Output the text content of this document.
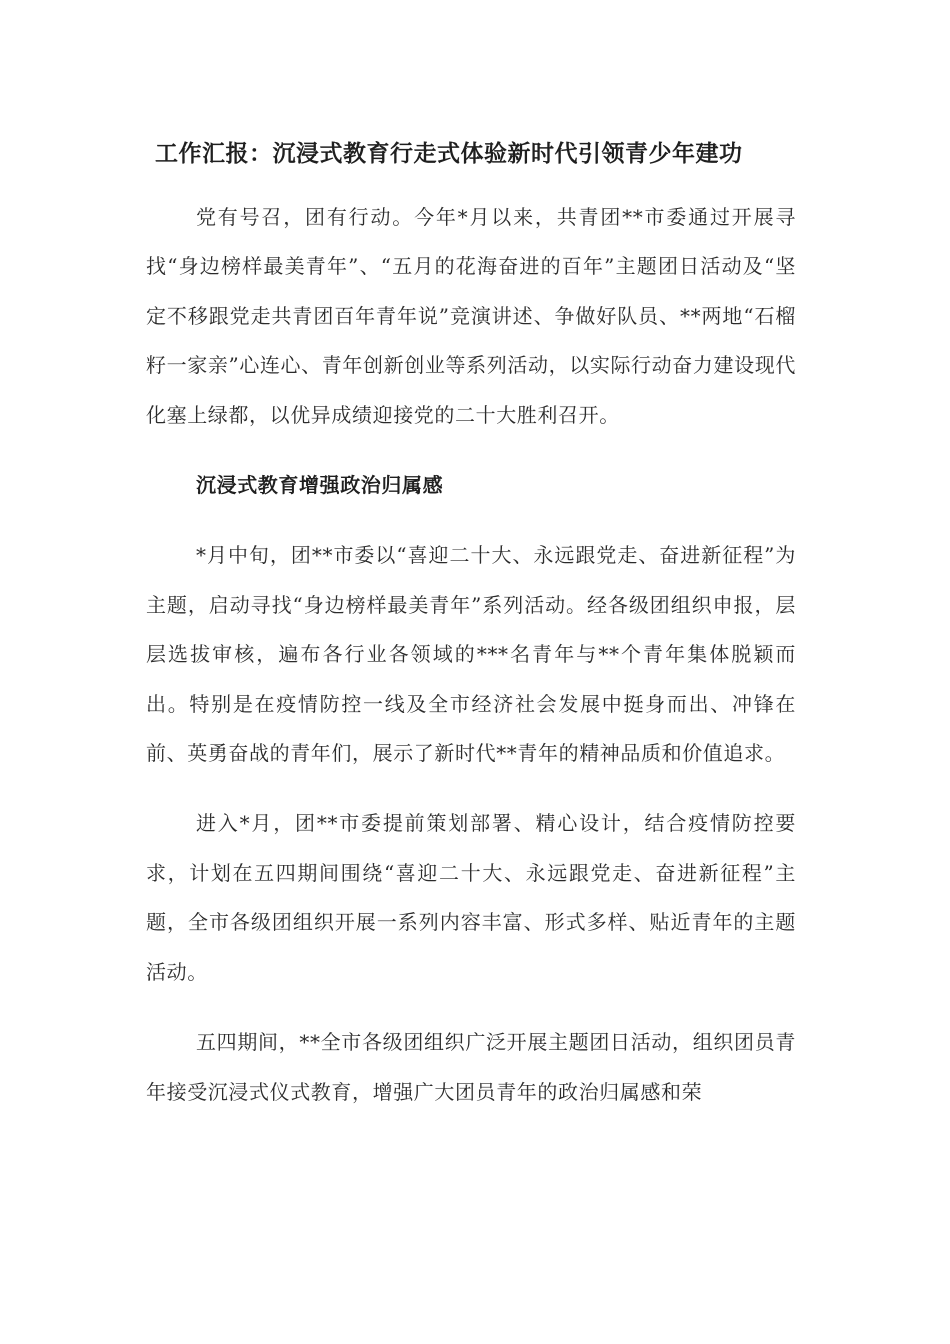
工作汇报：沉浸式教育行走式体验新时代引领青少年建功

党有号召，团有行动。今年*月以来，共青团**市委通过开展寻找“身边榜样最美青年”、“五月的花海奋进的百年”主题团日活动及“坚定不移跟党走共青团百年青年说”竞演讲述、争做好队员、**两地“石榴籽一家亲”心连心、青年创新创业等系列活动，以实际行动奋力建设现代化塞上绿都，以优异成绩迎接党的二十大胜利召开。

沉浸式教育增强政治归属感

*月中旬，团**市委以“喜迎二十大、永远跟党走、奋进新征程”为主题，启动寻找“身边榜样最美青年”系列活动。经各级团组织申报，层层选拔审核，遍布各行业各领域的***名青年与**个青年集体脱颖而出。特别是在疫情防控一线及全市经济社会发展中挺身而出、冲锋在前、英勇奋战的青年们，展示了新时代**青年的精神品质和价值追求。

进入*月，团**市委提前策划部署、精心设计，结合疫情防控要求，计划在五四期间围绕“喜迎二十大、永远跟党走、奋进新征程”主题，全市各级团组织开展一系列内容丰富、形式多样、贴近青年的主题活动。

五四期间，**全市各级团组织广泛开展主题团日活动，组织团员青年接受沉浸式仪式教育，增强广大团员青年的政治归属感和荣
